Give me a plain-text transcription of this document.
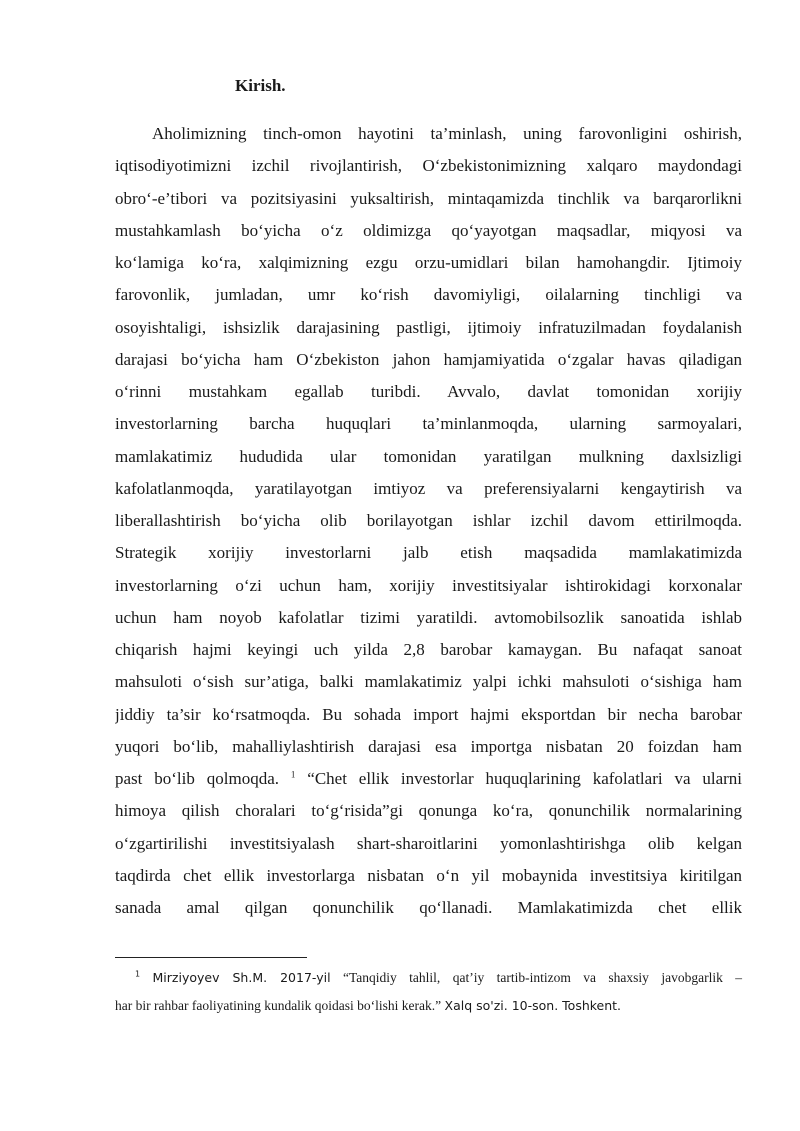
Kirish.
Aholimizning tinch-omon hayotini ta’minlash, uning farovonligini oshirish,
iqtisodiyotimizni izchil rivojlantirish, O‘zbekistonimizning xalqaro maydondagi
obro‘-e’tibori va pozitsiyasini yuksaltirish, mintaqamizda tinchlik va barqarorlikni
mustahkamlash bo‘yicha o‘z oldimizga qo‘yayotgan maqsadlar, miqyosi va
ko‘lamiga ko‘ra, xalqimizning ezgu orzu-umidlari bilan hamohangdir. Ijtimoiy
farovonlik, jumladan, umr ko‘rish davomiyligi, oilalarning tinchligi va
osoyishtaligi, ishsizlik darajasining pastligi, ijtimoiy infratuzilmadan foydalanish
darajasi bo‘yicha ham O‘zbekiston jahon hamjamiyatida o‘zgalar havas qiladigan
o‘rinni mustahkam egallab turibdi. Avvalo, davlat tomonidan xorijiy
investorlarning barcha huquqlari ta’minlanmoqda, ularning sarmoyalari,
mamlakatimiz hududida ular tomonidan yaratilgan mulkning daxlsizligi
kafolatlanmoqda, yaratilayotgan imtiyoz va preferensiyalarni kengaytirish va
liberallashtirish bo‘yicha olib borilayotgan ishlar izchil davom ettirilmoqda.
Strategik xorijiy investorlarni jalb etish maqsadida mamlakatimizda
investorlarning o‘zi uchun ham, xorijiy investitsiyalar ishtirokidagi korxonalar
uchun ham noyob kafolatlar tizimi yaratildi. avtomobilsozlik sanoatida ishlab
chiqarish hajmi keyingi uch yilda 2,8 barobar kamaygan. Bu nafaqat sanoat
mahsuloti o‘sish sur’atiga, balki mamlakatimiz yalpi ichki mahsuloti o‘sishiga ham
jiddiy ta’sir ko‘rsatmoqda. Bu sohada import hajmi eksportdan bir necha barobar
yuqori bo‘lib, mahalliylashtirish darajasi esa importga nisbatan 20 foizdan ham
past bo‘lib qolmoqda. $^1$ “Chet ellik investorlar huquqlarining kafolatlari va ularni
himoya qilish choralari to‘g‘risida”gi qonunga ko‘ra, qonunchilik normalarining
o‘zgartirilishi investitsiyalash shart-sharoitlarini yomonlashtirishga olib kelgan
taqdirda chet ellik investorlarga nisbatan o‘n yil mobaynida investitsiya kiritilgan
sanada amal qilgan qonunchilik qo‘llanadi. Mamlakatimizda chet ellik
$^1$ Mirziyoyev Sh.M. 2017-yil “Tanqidiy tahlil, qat’iy tartib-intizom va shaxsiy javobgarlik –
har bir rahbar faoliyatining kundalik qoidasi bo‘lishi kerak.” Xalq so'zi. 10-son. Toshkent.
